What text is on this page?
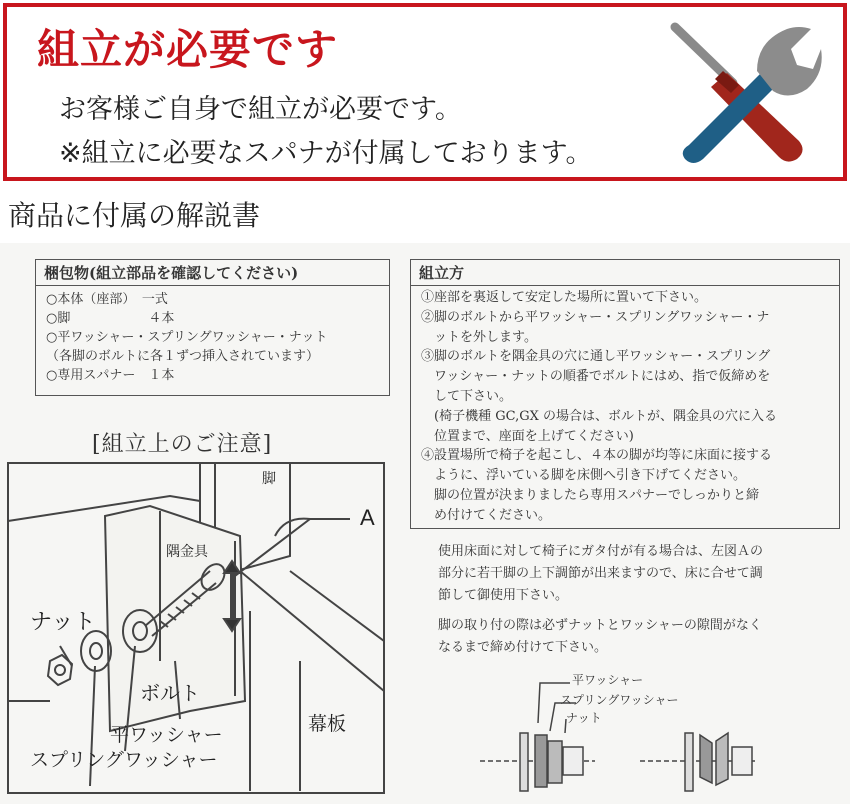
組立が必要です
お客様ご自身で組立が必要です。
※組立に必要なスパナが付属しております。
商品に付属の解説書
梱包物(組立部品を確認してください)
○本体（座部）　一式
○脚　　　　　　４本
○平ワッシャー・スプリングワッシャー・ナット
（各脚のボルトに各１ずつ挿入されています）
○専用スパナー　１本
組立方
①座部を裏返して安定した場所に置いて下さい。
②脚のボルトから平ワッシャー・スプリングワッシャー・ナ
　ットを外します。
③脚のボルトを隅金具の穴に通し平ワッシャー・スプリング
　ワッシャー・ナットの順番でボルトにはめ、指で仮締めを
　して下さい。
　(椅子機種 GC,GX の場合は、ボルトが、隅金具の穴に入る
　位置まで、座面を上げてください)
④設置場所で椅子を起こし、４本の脚が均等に床面に接する
　ように、浮いている脚を床側へ引き下げてください。
　脚の位置が決まりましたら専用スパナーでしっかりと締
　め付けてください。
[組立上のご注意]
脚
隅金具
A
ナット
ボルト
平ワッシャー
スプリングワッシャー
幕板
使用床面に対して椅子にガタ付が有る場合は、左図Ａの
部分に若干脚の上下調節が出来ますので、床に合せて調
節して御使用下さい。
脚の取り付の際は必ずナットとワッシャーの隙間がなく
なるまで締め付けて下さい。
平ワッシャー
スプリングワッシャー
ナット
